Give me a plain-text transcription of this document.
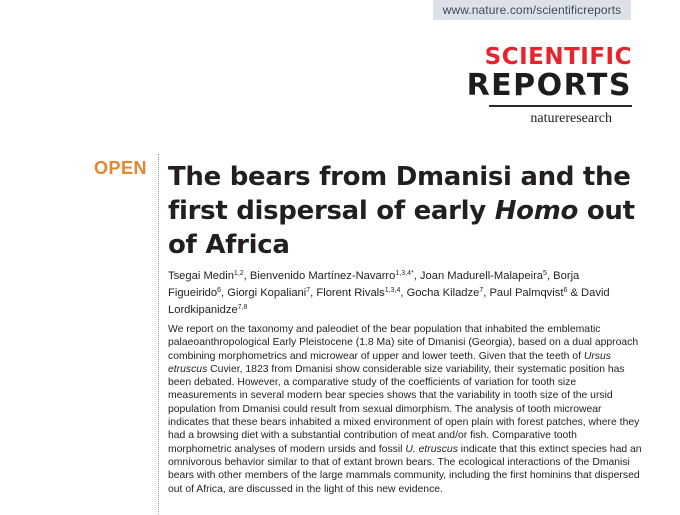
www.nature.com/scientificreports
SCIENTIFIC
REPORTS
natureresearch
OPEN The bears from Dmanisi and the first dispersal of early Homo out of Africa
Tsegai Medin$^{1,2}$, Bienvenido Martínez-Navarro$^{1,3,4*}$, Joan Madurell-Malapeira$^5$, Borja Figueirido$^6$, Giorgi Kopaliani$^7$, Florent Rivals$^{1,3,4}$, Gocha Kiladze$^7$, Paul Palmqvist$^6$ & David Lordkipanidze$^{7,8}$

We report on the taxonomy and paleodiet of the bear population that inhabited the emblematic palaeoanthropological Early Pleistocene (1.8 Ma) site of Dmanisi (Georgia), based on a dual approach combining morphometrics and microwear of upper and lower teeth. Given that the teeth of Ursus etruscus Cuvier, 1823 from Dmanisi show considerable size variability, their systematic position has been debated. However, a comparative study of the coefficients of variation for tooth size measurements in several modern bear species shows that the variability in tooth size of the ursid population from Dmanisi could result from sexual dimorphism. The analysis of tooth microwear indicates that these bears inhabited a mixed environment of open plain with forest patches, where they had a browsing diet with a substantial contribution of meat and/or fish. Comparative tooth morphometric analyses of modern ursids and fossil U. etruscus indicate that this extinct species had an omnivorous behavior similar to that of extant brown bears. The ecological interactions of the Dmanisi bears with other members of the large mammals community, including the first hominins that dispersed out of Africa, are discussed in the light of this new evidence.
